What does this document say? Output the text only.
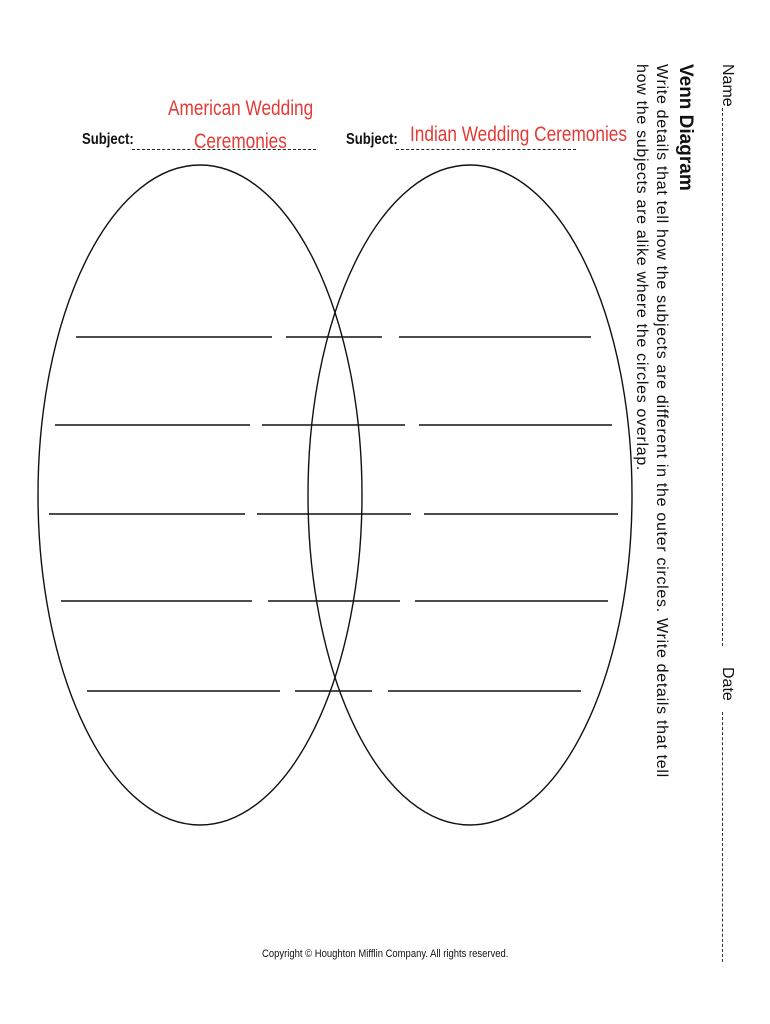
Name
Date
Venn Diagram
Write details that tell how the subjects are different in the outer circles. Write details that tell
how the subjects are alike where the circles overlap.
Subject:	Subject:
American Wedding
Ceremonies	Indian Wedding Ceremonies
Copyright © Houghton Mifflin Company. All rights reserved.
